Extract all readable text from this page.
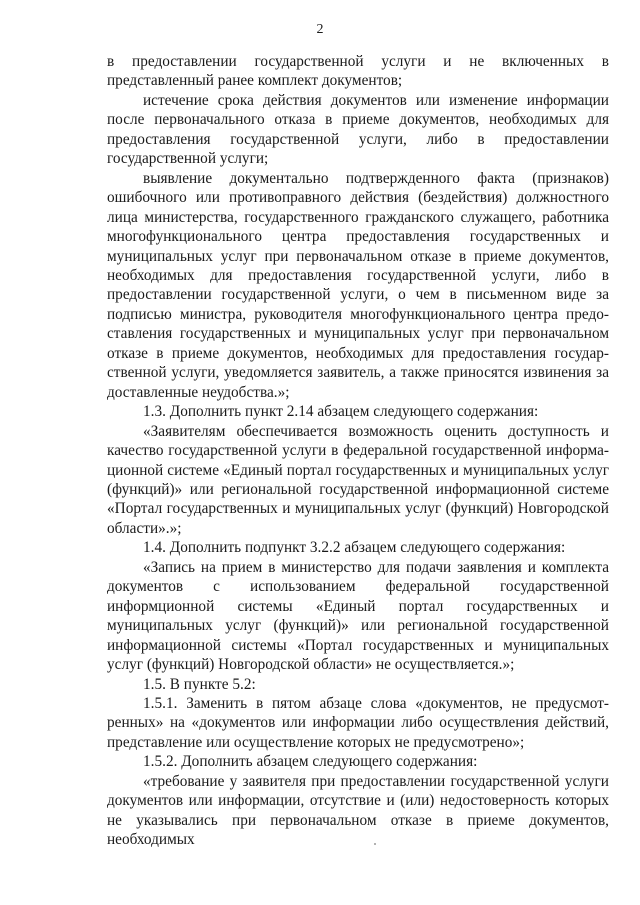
2

в предоставлении государственной услуги и не включенных в представленный ранее комплект документов;

истечение срока действия документов или изменение информации после первоначального отказа в приеме документов, необходимых для предоставления государственной услуги, либо в предоставлении государственной услуги;

выявление документально подтвержденного факта (признаков) ошибочного или противоправного действия (бездействия) должностного лица министерства, государственного гражданского служащего, работника многофункционального центра предоставления государственных и муниципальных услуг при первоначальном отказе в приеме документов, необходимых для предоставления государственной услуги, либо в предоставлении государственной услуги, о чем в письменном виде за подписью министра, руководителя многофункционального центра предоставления государственных и муниципальных услуг при первоначальном отказе в приеме документов, необходимых для предоставления государственной услуги, уведомляется заявитель, а также приносятся извинения за доставленные неудобства.»;

1.3. Дополнить пункт 2.14 абзацем следующего содержания:

«Заявителям обеспечивается возможность оценить доступность и качество государственной услуги в федеральной государственной информационной системе «Единый портал государственных и муниципальных услуг (функций)» или региональной государственной информационной системе «Портал государственных и муниципальных услуг (функций) Новгородской области».»;

1.4. Дополнить подпункт 3.2.2 абзацем следующего содержания:

«Запись на прием в министерство для подачи заявления и комплекта документов с использованием федеральной государственной информционной системы «Единый портал государственных и муниципальных услуг (функций)» или региональной государственной информационной системы «Портал государственных и муниципальных услуг (функций) Новгородской области» не осуществляется.»;

1.5. В пункте 5.2:

1.5.1. Заменить в пятом абзаце слова «документов, не предусмотренных» на «документов или информации либо осуществления действий, представление или осуществление которых не предусмотрено»;

1.5.2. Дополнить абзацем следующего содержания:

«требование у заявителя при предоставлении государственной услуги документов или информации, отсутствие и (или) недостоверность которых не указывались при первоначальном отказе в приеме документов, необходимых
